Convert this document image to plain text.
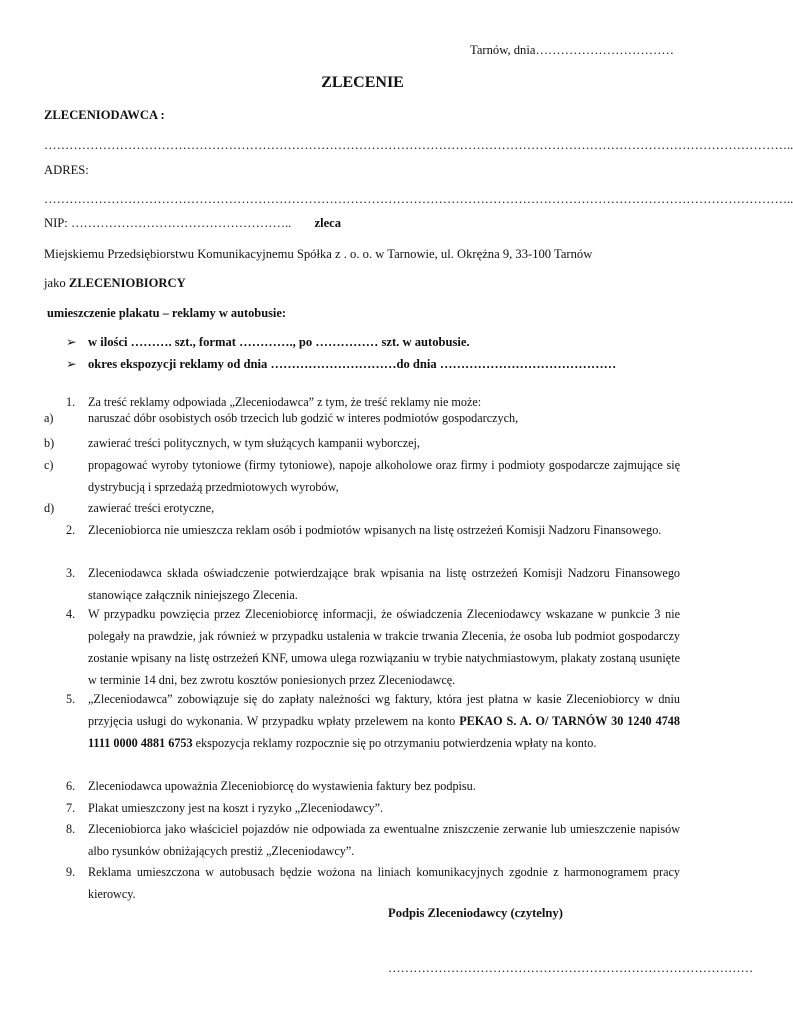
Tarnów, dnia……………………………
ZLECENIE
ZLECENIODAWCA :
……………………………………………………………………………………………………………………………………………………………..
ADRES:
……………………………………………………………………………………………………………………………………………………………..
NIP: …………………………………………….. zleca
Miejskiemu Przedsiębiorstwu Komunikacyjnemu Spółka z . o. o. w Tarnowie, ul. Okrężna 9, 33-100 Tarnów
jako ZLECENIOBIORCY
umieszczenie plakatu – reklamy w autobusie:
➢ w ilości ………. szt., format …………., po …………… szt. w autobusie.
➢ okres ekspozycji reklamy od dnia …………………………do dnia ……………………………………
1.	Za treść reklamy odpowiada „Zleceniodawca” z tym, że treść reklamy nie może:
a)	naruszać dóbr osobistych osób trzecich lub godzić w interes podmiotów gospodarczych,
b)	zawierać treści politycznych, w tym służących kampanii wyborczej,
c)	propagować wyroby tytoniowe (firmy tytoniowe), napoje alkoholowe oraz firmy i podmioty gospodarcze zajmujące się dystrybucją i sprzedażą przedmiotowych wyrobów,
d)	zawierać treści erotyczne,
2.	Zleceniobiorca nie umieszcza reklam osób i podmiotów wpisanych na listę ostrzeżeń Komisji Nadzoru Finansowego.
3.	Zleceniodawca składa oświadczenie potwierdzające brak wpisania na listę ostrzeżeń Komisji Nadzoru Finansowego stanowiące załącznik niniejszego Zlecenia.
4.	W przypadku powzięcia przez Zleceniobiorcę informacji, że oświadczenia Zleceniodawcy wskazane w punkcie 3 nie polegały na prawdzie, jak również w przypadku ustalenia w trakcie trwania Zlecenia, że osoba lub podmiot gospodarczy zostanie wpisany na listę ostrzeżeń KNF, umowa ulega rozwiązaniu w trybie natychmiastowym, plakaty zostaną usunięte w terminie 14 dni, bez zwrotu kosztów poniesionych przez Zleceniodawcę.
5.	„Zleceniodawca” zobowiązuje się do zapłaty należności wg faktury, która jest płatna w kasie Zleceniobiorcy w dniu przyjęcia usługi do wykonania. W przypadku wpłaty przelewem na konto PEKAO S. A. O/ TARNÓW 30 1240 4748 1111 0000 4881 6753 ekspozycja reklamy rozpocznie się po otrzymaniu potwierdzenia wpłaty na konto.
6.	Zleceniodawca upoważnia Zleceniobiorcę do wystawienia faktury bez podpisu.
7.	Plakat umieszczony jest na koszt i ryzyko „Zleceniodawcy”.
8.	Zleceniobiorca jako właściciel pojazdów nie odpowiada za ewentualne zniszczenie zerwanie lub umieszczenie napisów albo rysunków obniżających prestiż „Zleceniodawcy”.
9.	Reklama umieszczona w autobusach będzie wożona na liniach komunikacyjnych zgodnie z harmonogramem pracy kierowcy.
Podpis Zleceniodawcy (czytelny)
……………………………………………………………………………
